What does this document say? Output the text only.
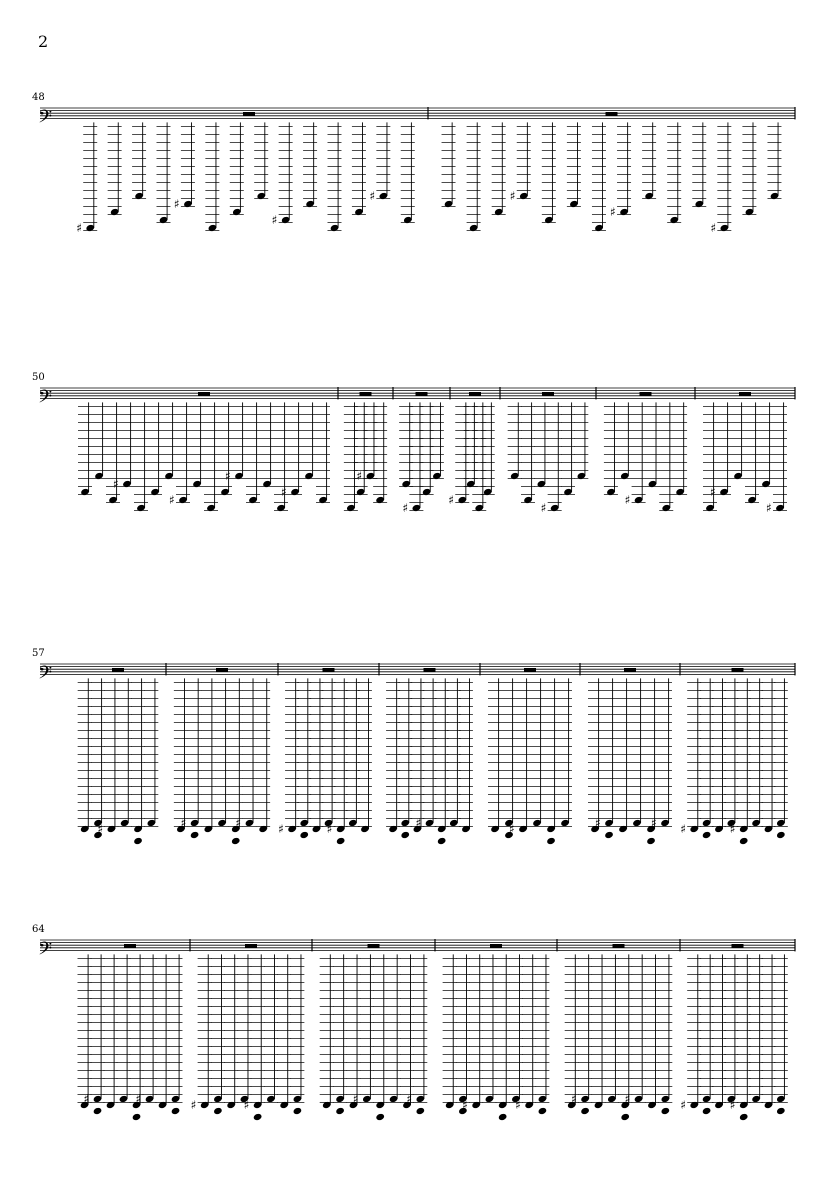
2
48
𝄢
♯
♯
♯
♯	♯
♯
♯
50
𝄢
♯
♯
♯
♯
♯
♯
♯
♯
♯
♯
♯
57
𝄢
♯	♯	♯	♯	♯	♯	♯	♯	♯ ♯	♯
64
𝄢
♯	♯	♯	♯	♯	♯	♯	♯	♯	♯	♯	♯
